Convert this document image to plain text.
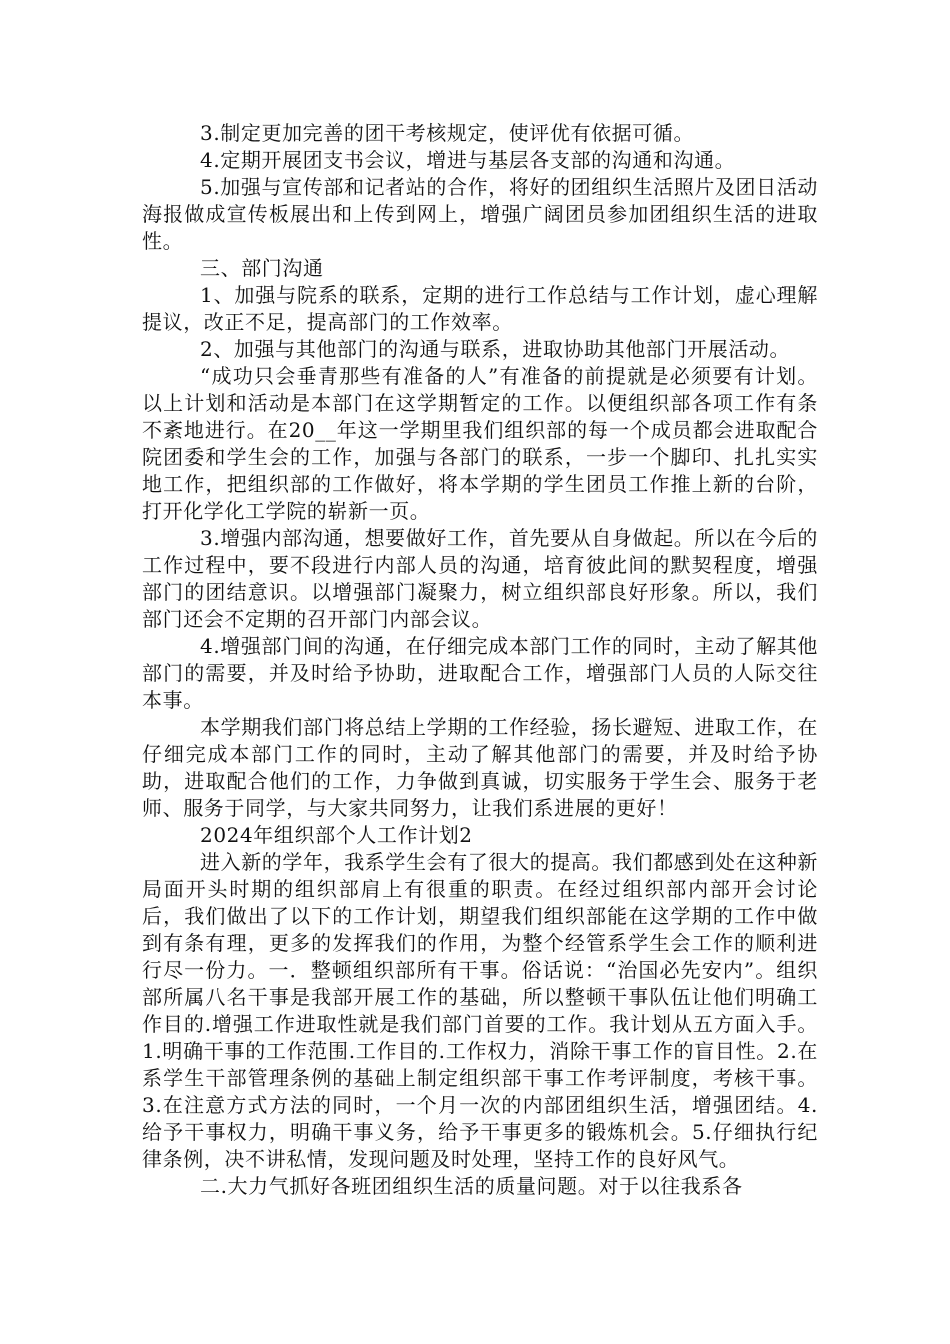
3.制定更加完善的团干考核规定，使评优有依据可循。

4.定期开展团支书会议，增进与基层各支部的沟通和沟通。

5.加强与宣传部和记者站的合作，将好的团组织生活照片及团日活动海报做成宣传板展出和上传到网上，增强广阔团员参加团组织生活的进取性。

三、部门沟通

1、加强与院系的联系，定期的进行工作总结与工作计划，虚心理解提议，改正不足，提高部门的工作效率。

2、加强与其他部门的沟通与联系，进取协助其他部门开展活动。

“成功只会垂青那些有准备的人”有准备的前提就是必须要有计划。以上计划和活动是本部门在这学期暂定的工作。以便组织部各项工作有条不紊地进行。在20__年这一学期里我们组织部的每一个成员都会进取配合院团委和学生会的工作，加强与各部门的联系，一步一个脚印、扎扎实实地工作，把组织部的工作做好，将本学期的学生团员工作推上新的台阶，打开化学化工学院的崭新一页。

3.增强内部沟通，想要做好工作，首先要从自身做起。所以在今后的工作过程中，要不段进行内部人员的沟通，培育彼此间的默契程度，增强部门的团结意识。以增强部门凝聚力，树立组织部良好形象。所以，我们部门还会不定期的召开部门内部会议。

4.增强部门间的沟通，在仔细完成本部门工作的同时，主动了解其他部门的需要，并及时给予协助，进取配合工作，增强部门人员的人际交往本事。

本学期我们部门将总结上学期的工作经验，扬长避短、进取工作，在仔细完成本部门工作的同时，主动了解其他部门的需要，并及时给予协助，进取配合他们的工作，力争做到真诚，切实服务于学生会、服务于老师、服务于同学，与大家共同努力，让我们系进展的更好！

2024年组织部个人工作计划2

进入新的学年，我系学生会有了很大的提高。我们都感到处在这种新局面开头时期的组织部肩上有很重的职责。在经过组织部内部开会讨论后，我们做出了以下的工作计划，期望我们组织部能在这学期的工作中做到有条有理，更多的发挥我们的作用，为整个经管系学生会工作的顺利进行尽一份力。一．整顿组织部所有干事。俗话说：“治国必先安内”。组织部所属八名干事是我部开展工作的基础，所以整顿干事队伍让他们明确工作目的.增强工作进取性就是我们部门首要的工作。我计划从五方面入手。1.明确干事的工作范围.工作目的.工作权力，消除干事工作的盲目性。2.在系学生干部管理条例的基础上制定组织部干事工作考评制度，考核干事。3.在注意方式方法的同时，一个月一次的内部团组织生活，增强团结。4.给予干事权力，明确干事义务，给予干事更多的锻炼机会。5.仔细执行纪律条例，决不讲私情，发现问题及时处理，坚持工作的良好风气。

二.大力气抓好各班团组织生活的质量问题。对于以往我系各
